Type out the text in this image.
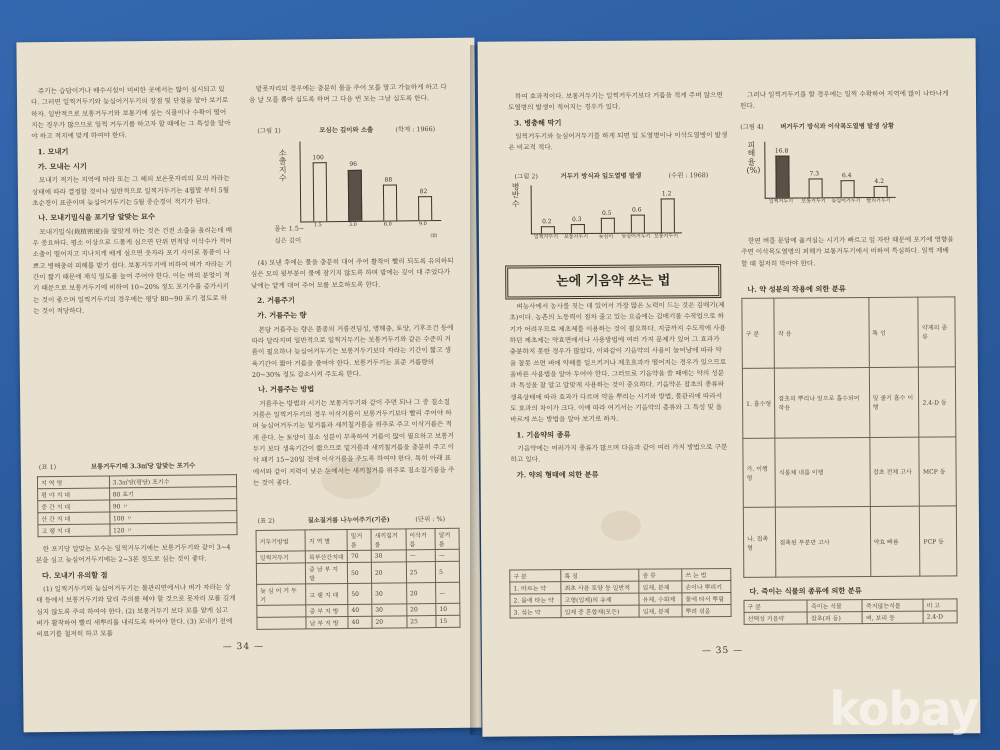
쥬기는 습답이거나 배수시설이 미비한 곳에서는 많이 실시되고 있다. 그러면 일찍거두기와 늦심어거두기의 장점 및 단점을 알아 보기로 하자. 일반적으로 보통거두기와 보통기에 심는 식물이나 수확이 떨어지는 경우가 많으므로 일찍 거두기를 하고자 할 때에는 그 특성을 알아야 하고 적지에 맞게 하여야 한다.

1. 모내기
가. 모내는 시기

모내기 적기는 지역에 따라 또는 그 해의 보온못자리의 모의 자라는 상태에 따라 결정할 것이나 일반적으로 일찍거두기는 4월말 부터 5월 초순경이 표준이며 늦심어거두기는 5월 중순경이 적기가 된다.

나. 모내기밀식을 포기당 알맞는 묘수

모내기밀식(栽植密度)을 알맞게 하는 것은 건전 소출을 올리는데 매우 중요하다. 평소 이상으로 드물게 심으면 단위 면적당 이삭수가 적어 소출이 떨어지고 지나치게 배게 심으면 웃자라 포기 사이로 통풍이 나쁘고 병해충의 피해를 받기 쉽다. 보통거두기에 비하여 벼가 자라는 기간이 짧기 때문에 재식 밀도를 높여 주어야 한다. 이는 벼의 분얼이 적기 때문으로 보통거두기에 비하여 10~20% 정도 포기수를 증가시키는 것이 좋으며 일찍거두기의 경우에는 평당 80~90 포기 정도로 하는 것이 적당하다.

(표 1)	보통거두기때 3.3㎡당 알맞는 포기수
지 역 명	3.3㎡당(평당) 포기수
평 야 지 대	80 포기
중 간 지 대	90 〃
산 간 지 대	100 〃
고 랭 지 대	120 〃

한 포기당 알맞는 모수는 일찍거두기에는 보통거두기와 같이 3~4본을 심고 늦심어거두기에는 2~3본 정도로 심는 것이 좋다.

다. 모내기 유의할 점

(1) 일찍거두기와 늦심어거두기는 물관리면에서나 벼가 자라는 상태 등에서 보통거두기와 달리 주의를 해야 할 것으로 못자리 모를 깊게 심지 않도록 주의 하여야 한다. (2) 보통거두기 보다 모를 얕게 심고 벼가 활착하여 빨리 새뿌리를 내리도록 하여야 한다. (3) 모내기 전에 비료기를 철저히 하고 모를

밭못자리의 경우에는 충분히 물을 주어 모를 말고 가늘하게 하고 다음 날 모를 뽑아 심도록 하며 그 다음 번 모는 그날 심도록 한다.

(그림 1)	모심는 깊이와 소출	(학계 : 1966)
소출지수
100
96
88
82
1.5	3.0	6.0	9.0
물논 1.5~
심은 깊이
㎝

(4) 모낸 후에는 물을 충분히 대어 주어 활착이 빨리 되도록 유의하되 심은 모의 윗부분이 물에 잠기지 않도록 하며 밤에는 깊이 대 주었다가 낮에는 얕게 대어 주어 모를 보호하도록 한다.

2. 거름주기
가. 거름주는 량

본답 거름주는 량은 품종의 거름견딤성, 병해충, 토양, 기후조건 등에 따라 달라지며 일반적으로 일찍거두기는 보통거두기와 같은 수준의 거름이 필요하나 늦심어거두기는 보통거두기보다 자라는 기간이 짧고 생육기간이 짧아 거름을 줄여야 한다. 보통거두기는 표준 거름량의 20~30% 정도 감소시켜 주도록 한다.

나. 거름주는 방법

거름주는 방법과 시기는 보통거두기와 같이 주면 되나 그 중 질소질거름은 일찍거두기의 경우 이삭거름이 보통거두기보다 빨리 주어야 하며 늦심어거두기는 밑거름과 새끼칠거름을 위주로 주고 이삭거름은 적게 준다. 논 토양이 질소 성분이 부족하여 거름이 많이 필요하고 보통거두기 보다 생육기간이 짧으므로 밑거름과 새끼칠거름을 충분히 주고 이삭 패기 15~20일 전에 이삭거름을 주도록 하여야 한다. 특히 아래 표에서와 같이 지력이 낮은 논에서는 새끼칠거름 위주로 질소질거름을 주는 것이 좋다.

(표 2)	질소질거름 나누어주기(기준)	(단위 : %)
거두기방법	지 역 별	밑거름	새끼칠거름	이삭거름	알거름
일찍거두기	북부산간지대	70	30	—	—
	중 남 부 지 방	50	20	25	5
늦 심 어 거 두 기	고 랭 지 대	50	30	20	—
	중 부 지 방	40	30	20	10
	남 부 지 방	40	20	25	15
— 34 —

하여 효과적이다. 보통거두기는 일찍거두기보다 거름을 적게 주며 않으면 도열병의 발생이 적어지는 경우가 있다.

3. 병충해 막기

일찍거두기와 늦심어거두기를 하게 되면 잎 도열병이나 이삭도열병이 발생은 비교적 적다.

(그림 2)	거두기 방식과 잎도열병 발생	(수원 : 1968)
병반수
0.2	0.3
0.5	0.6
1.2
일찍거두기	보통거두기	늦심어	늦심어거두기 보통거두기

그러나 일찍거두기를 할 경우에는 일찍 수확하여 지역에 많이 나타나게 된다.

(그림 4)	벼거두기 방식과 이삭목도열병 발생 상황
피해율(%)
16.8
7.3	6.4
4.2
일찍거두기	보통거두기	늦심어거두기	빨리거두기

한편 벼를 문답에 옮겨심는 시기가 빠르고 잎 자란 때문에 포기에 영향을 주면 이삭목도열병의 피해가 보통거두기에서 비하여 특심하다. 일찍 재배할 때 철저히 막아야 한다.

논에 기음약 쓰는 법

벼농사에서 농사를 짓는 데 있어서 가장 많은 노력이 드는 것은 김매기(제초)이다. 농촌의 노동력이 점차 줄고 있는 요즘에는 김매기를 수작업으로 하기가 어려우므로 제초제를 이용하는 것이 필요하다. 지금까지 수도작에 사용하던 제초제는 약효면에서나 사용방법에 여러 가지 문제가 있어 그 효과가 충분하지 못한 경우가 많았다. 이와같이 기음약의 사용이 늘어남에 따라 약을 잘못 쓰면 벼에 약해를 일으키거나 제초효과가 떨어지는 경우가 있으므로 올바른 사용법을 알아 두어야 한다. 그러므로 기음약을 쓸 때에는 약의 성분과 특성을 잘 알고 알맞게 사용하는 것이 중요하다. 기음약은 잡초의 종류와 생육상태에 따라 효과가 다르며 약을 뿌리는 시기와 방법, 물관리에 따라서도 효과의 차이가 크다. 이에 따라 여기서는 기음약의 종류와 그 특성 및 올바르게 쓰는 방법을 알아 보기로 하자.

1. 기음약의 종류

기음약에는 여러가지 종류가 많으며 다음과 같이 여러 가지 방법으로 구분하고 있다.

가. 약의 형태에 의한 분류
구 분	특 징	종 류	쓰 는 법
1. 바르는 약	최초 사용 토양 등 일반적	입제, 분제	손이나 뿌리기
2. 물에 타는 약	고형(입제)의 유제	유제, 수화제	물에 타서 뿌림
3. 섞는 약	입제 중 혼합제(모든)	입제, 분제	뿌려 섞음
나. 약 성분의 작용에 의한 분류
구 분	작 용	특 성	약제의 종류
1. 흡수형	잡초의 뿌리나 잎으로 흡수되어 작용	잎 줄기 흡수 이행	2.4-D 등
가. 이행형	식물체 내를 이행	잡초 전체 고사	MCP 등
나. 접촉형	접촉된 부분만 고사	약효 빠름	PCP 등
다. 죽이는 식물의 종류에 의한 분류
구 분	죽이는 식물	죽지않는식물	비 고
선택성 기음약	잡초(피 등)	벼, 보리 등	2.4-D
— 35 —
kobay
